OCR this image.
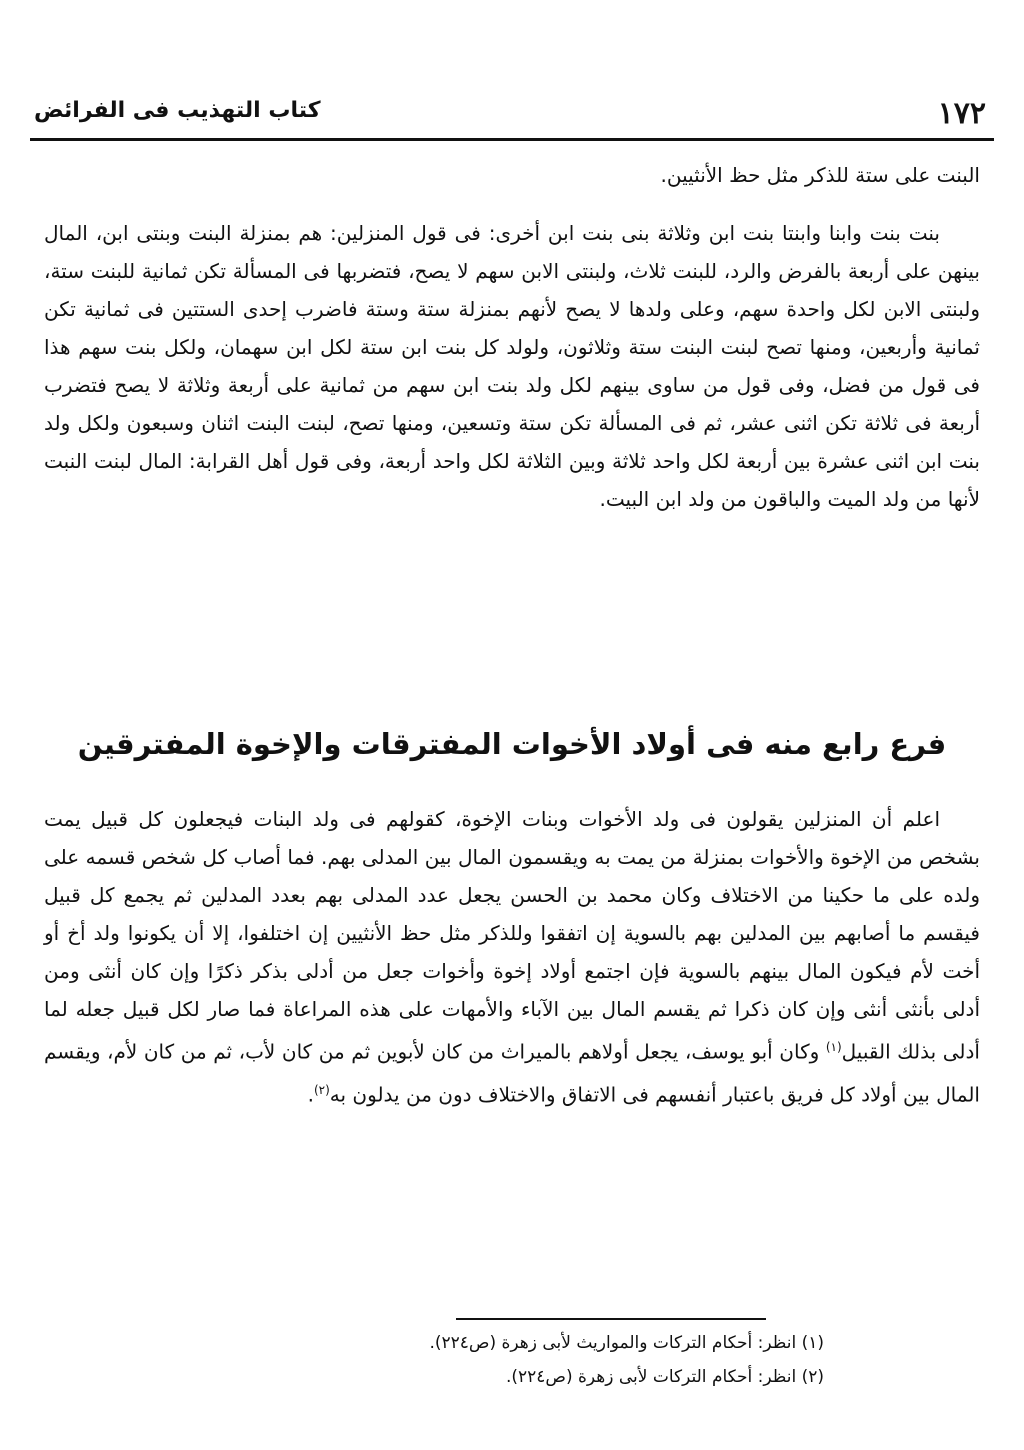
١٧٢
كتاب التهذيب فى الفرائض
البنت على ستة للذكر مثل حظ الأنثيين.
بنت بنت وابنا وابنتا بنت ابن وثلاثة بنى بنت ابن أخرى: فى قول المنزلين: هم بمنزلة البنت وبنتى ابن، المال بينهن على أربعة بالفرض والرد، للبنت ثلاث، ولبنتى الابن سهم لا يصح، فتضربها فى المسألة تكن ثمانية للبنت ستة، ولبنتى الابن لكل واحدة سهم، وعلى ولدها لا يصح لأنهم بمنزلة ستة وستة فاضرب إحدى الستتين فى ثمانية تكن ثمانية وأربعين، ومنها تصح لبنت البنت ستة وثلاثون، ولولد كل بنت ابن ستة لكل ابن سهمان، ولكل بنت سهم هذا فى قول من فضل، وفى قول من ساوى بينهم لكل ولد بنت ابن سهم من ثمانية على أربعة وثلاثة لا يصح فتضرب أربعة فى ثلاثة تكن اثنى عشر، ثم فى المسألة تكن ستة وتسعين، ومنها تصح، لبنت البنت اثنان وسبعون ولكل ولد بنت ابن اثنى عشرة بين أربعة لكل واحد ثلاثة وبين الثلاثة لكل واحد أربعة، وفى قول أهل القرابة: المال لبنت النبت لأنها من ولد الميت والباقون من ولد ابن البيت.
فرع رابع منه فى أولاد الأخوات المفترقات والإخوة المفترقين
اعلم أن المنزلين يقولون فى ولد الأخوات وبنات الإخوة، كقولهم فى ولد البنات فيجعلون كل قبيل يمت بشخص من الإخوة والأخوات بمنزلة من يمت به ويقسمون المال بين المدلى بهم. فما أصاب كل شخص قسمه على ولده على ما حكينا من الاختلاف وكان محمد بن الحسن يجعل عدد المدلى بهم بعدد المدلين ثم يجمع كل قبيل فيقسم ما أصابهم بين المدلين بهم بالسوية إن اتفقوا وللذكر مثل حظ الأنثيين إن اختلفوا، إلا أن يكونوا ولد أخ أو أخت لأم فيكون المال بينهم بالسوية فإن اجتمع أولاد إخوة وأخوات جعل من أدلى بذكر ذكرًا وإن كان أنثى ومن أدلى بأنثى أنثى وإن كان ذكرا ثم يقسم المال بين الآباء والأمهات على هذه المراعاة فما صار لكل قبيل جعله لما أدلى بذلك القبيل$^{(١)}$ وكان أبو يوسف، يجعل أولاهم بالميراث من كان لأبوين ثم من كان لأب، ثم من كان لأم، ويقسم المال بين أولاد كل فريق باعتبار أنفسهم فى الاتفاق والاختلاف دون من يدلون به$^{(٢)}$.
(١) انظر: أحكام التركات والمواريث لأبى زهرة (ص٢٢٤).
(٢) انظر: أحكام التركات لأبى زهرة (ص٢٢٤).
